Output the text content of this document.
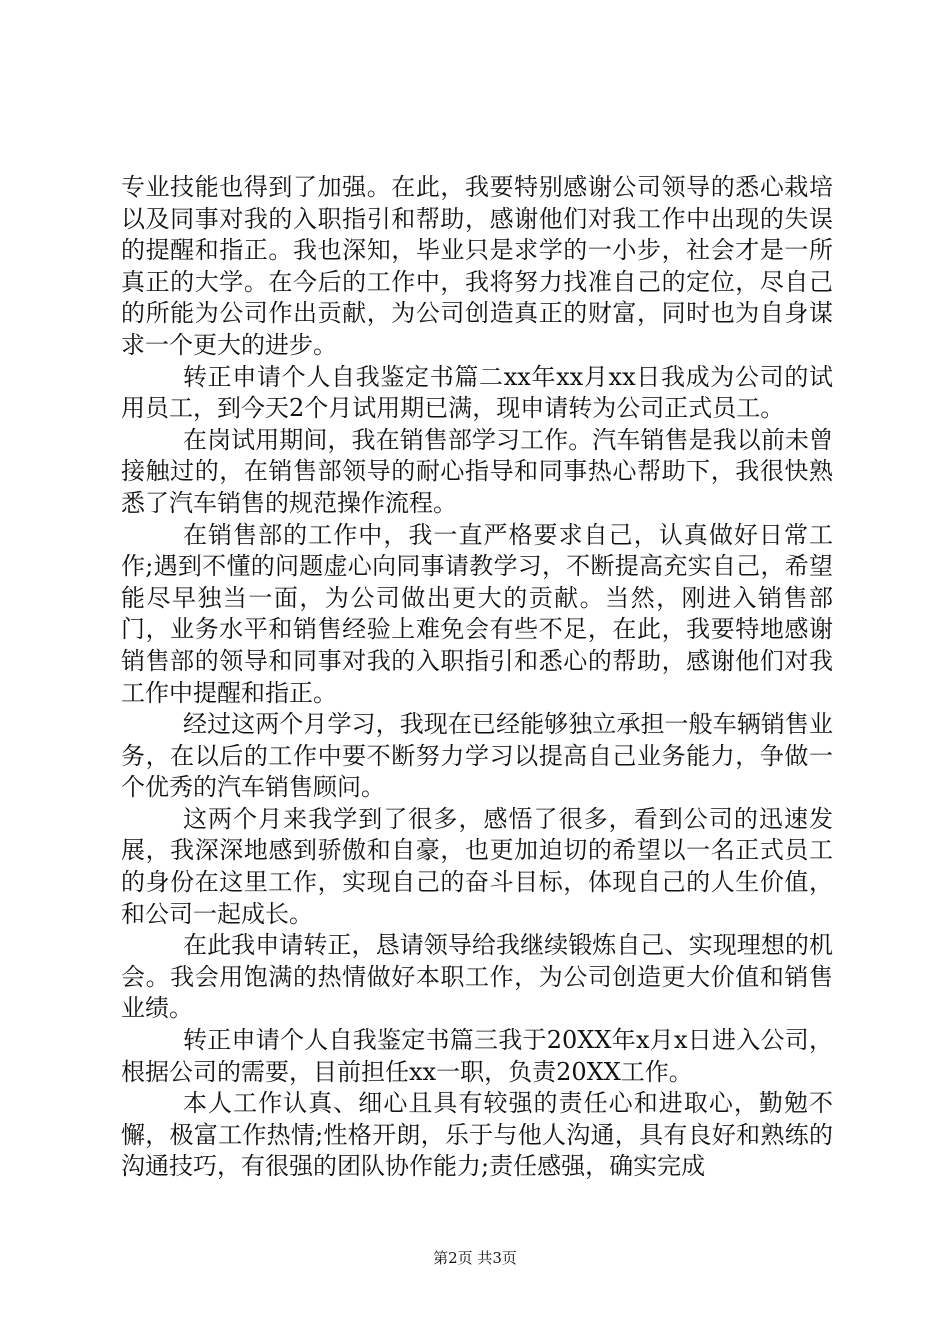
专业技能也得到了加强。在此，我要特别感谢公司领导的悉心栽培以及同事对我的入职指引和帮助，感谢他们对我工作中出现的失误的提醒和指正。我也深知，毕业只是求学的一小步，社会才是一所真正的大学。在今后的工作中，我将努力找准自己的定位，尽自己的所能为公司作出贡献，为公司创造真正的财富，同时也为自身谋求一个更大的进步。

转正申请个人自我鉴定书篇二xx年xx月xx日我成为公司的试用员工，到今天2个月试用期已满，现申请转为公司正式员工。

在岗试用期间，我在销售部学习工作。汽车销售是我以前未曾接触过的，在销售部领导的耐心指导和同事热心帮助下，我很快熟悉了汽车销售的规范操作流程。

在销售部的工作中，我一直严格要求自己，认真做好日常工作;遇到不懂的问题虚心向同事请教学习，不断提高充实自己，希望能尽早独当一面，为公司做出更大的贡献。当然，刚进入销售部门，业务水平和销售经验上难免会有些不足，在此，我要特地感谢销售部的领导和同事对我的入职指引和悉心的帮助，感谢他们对我工作中提醒和指正。

经过这两个月学习，我现在已经能够独立承担一般车辆销售业务，在以后的工作中要不断努力学习以提高自己业务能力，争做一个优秀的汽车销售顾问。

这两个月来我学到了很多，感悟了很多，看到公司的迅速发展，我深深地感到骄傲和自豪，也更加迫切的希望以一名正式员工的身份在这里工作，实现自己的奋斗目标，体现自己的人生价值，和公司一起成长。

在此我申请转正，恳请领导给我继续锻炼自己、实现理想的机会。我会用饱满的热情做好本职工作，为公司创造更大价值和销售业绩。

转正申请个人自我鉴定书篇三我于20XX年x月x日进入公司，根据公司的需要，目前担任xx一职，负责20XX工作。

本人工作认真、细心且具有较强的责任心和进取心，勤勉不懈，极富工作热情;性格开朗，乐于与他人沟通，具有良好和熟练的沟通技巧，有很强的团队协作能力;责任感强，确实完成

第2页 共3页
